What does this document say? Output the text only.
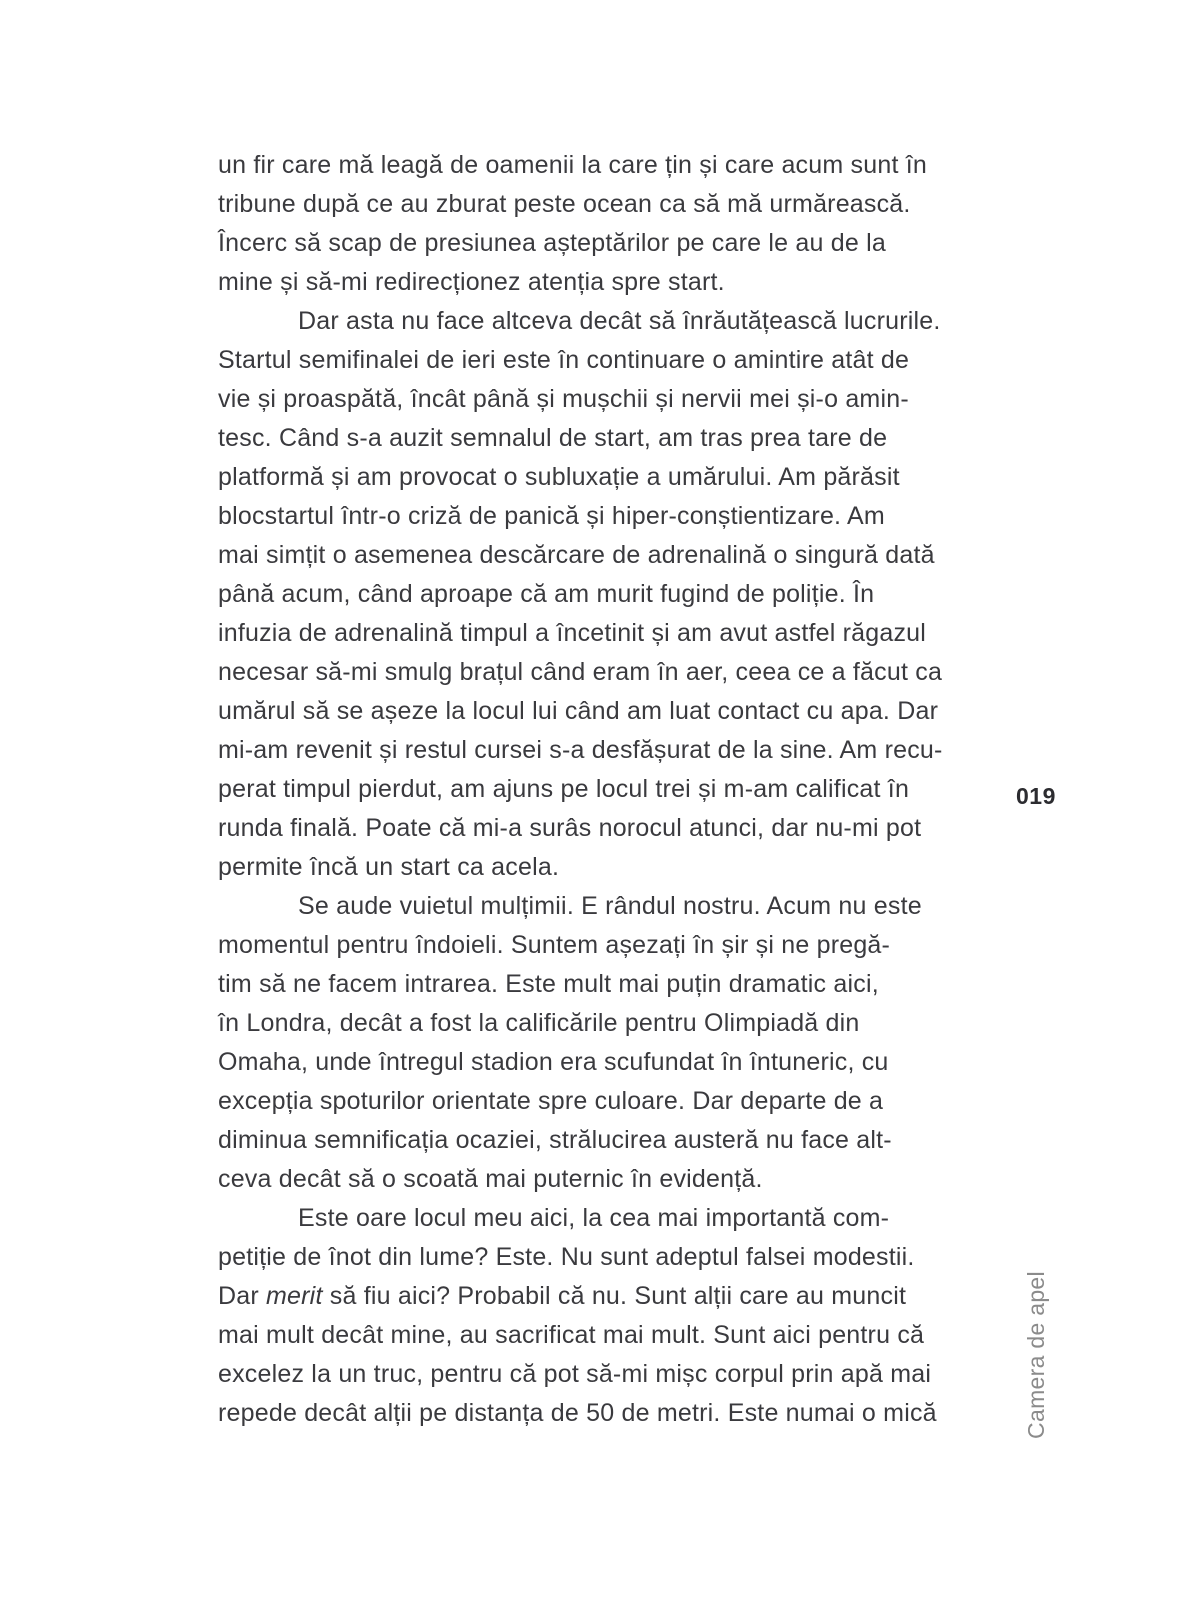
un fir care mă leagă de oamenii la care țin și care acum sunt în
tribune după ce au zburat peste ocean ca să mă urmărească.
Încerc să scap de presiunea așteptărilor pe care le au de la
mine și să-mi redirecționez atenția spre start.
Dar asta nu face altceva decât să înrăutățească lucrurile.
Startul semifinalei de ieri este în continuare o amintire atât de
vie și proaspătă, încât până și mușchii și nervii mei și-o amin-
tesc. Când s-a auzit semnalul de start, am tras prea tare de
platformă și am provocat o subluxație a umărului. Am părăsit
blocstartul într-o criză de panică și hiper-conștientizare. Am
mai simțit o asemenea descărcare de adrenalină o singură dată
până acum, când aproape că am murit fugind de poliție. În
infuzia de adrenalină timpul a încetinit și am avut astfel răgazul
necesar să-mi smulg brațul când eram în aer, ceea ce a făcut ca
umărul să se așeze la locul lui când am luat contact cu apa. Dar
mi-am revenit și restul cursei s-a desfășurat de la sine. Am recu-
perat timpul pierdut, am ajuns pe locul trei și m-am calificat în
runda finală. Poate că mi-a surâs norocul atunci, dar nu-mi pot
permite încă un start ca acela.
Se aude vuietul mulțimii. E rândul nostru. Acum nu este
momentul pentru îndoieli. Suntem așezați în șir și ne pregă-
tim să ne facem intrarea. Este mult mai puțin dramatic aici,
în Londra, decât a fost la calificările pentru Olimpiadă din
Omaha, unde întregul stadion era scufundat în întuneric, cu
excepția spoturilor orientate spre culoare. Dar departe de a
diminua semnificația ocaziei, strălucirea austeră nu face alt-
ceva decât să o scoată mai puternic în evidență.
Este oare locul meu aici, la cea mai importantă com-
petiție de înot din lume? Este. Nu sunt adeptul falsei modestii.
Dar merit să fiu aici? Probabil că nu. Sunt alții care au muncit
mai mult decât mine, au sacrificat mai mult. Sunt aici pentru că
excelez la un truc, pentru că pot să-mi mișc corpul prin apă mai
repede decât alții pe distanța de 50 de metri. Este numai o mică
019
Camera de apel
